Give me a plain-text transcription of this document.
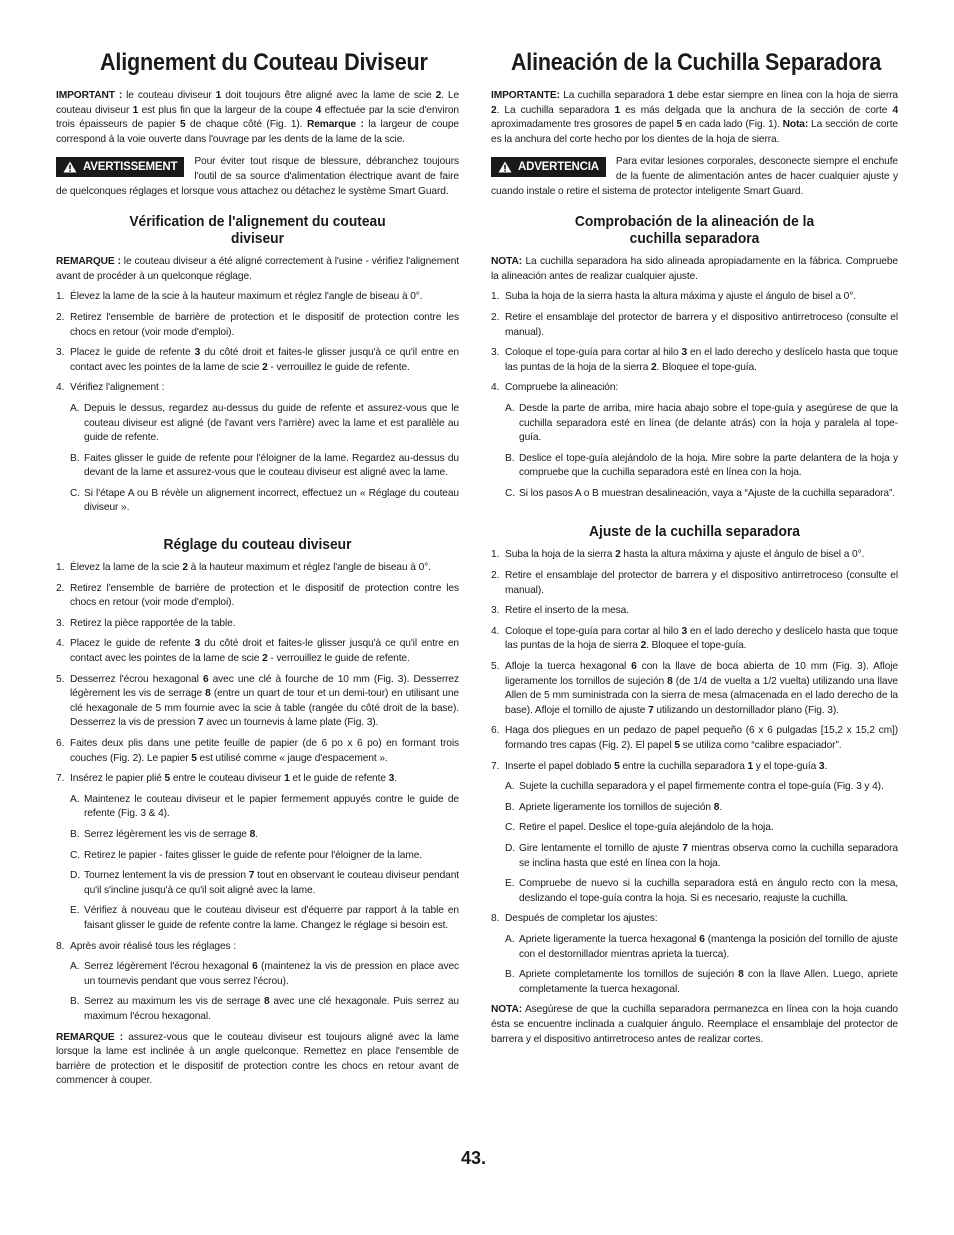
Alignement du Couteau Diviseur

IMPORTANT : le couteau diviseur 1 doit toujours être aligné avec la lame de scie 2. Le couteau diviseur 1 est plus fin que la largeur de la coupe 4 effectuée par la scie d'environ trois épaisseurs de papier 5 de chaque côté (Fig. 1). Remarque : la largeur de coupe correspond à la voie ouverte dans l'ouvrage par les dents de la lame de la scie.

AVERTISSEMENT Pour éviter tout risque de blessure, débranchez toujours l'outil de sa source d'alimentation électrique avant de faire de quelconques réglages et lorsque vous attachez ou détachez le système Smart Guard.
Vérification de l'alignement du couteau diviseur

REMARQUE : le couteau diviseur a été aligné correctement à l'usine - vérifiez l'alignement avant de procéder à un quelconque réglage.

1. Élevez la lame de la scie à la hauteur maximum et réglez l'angle de biseau à 0°.
2. Retirez l'ensemble de barrière de protection et le dispositif de protection contre les chocs en retour (voir mode d'emploi).
3. Placez le guide de refente 3 du côté droit et faites-le glisser jusqu'à ce qu'il entre en contact avec les pointes de la lame de scie 2 - verrouillez le guide de refente.
4. Vérifiez l'alignement :
A. Depuis le dessus, regardez au-dessus du guide de refente et assurez-vous que le couteau diviseur est aligné (de l'avant vers l'arrière) avec la lame et est parallèle au guide de refente.
B. Faites glisser le guide de refente pour l'éloigner de la lame. Regardez au-dessus du devant de la lame et assurez-vous que le couteau diviseur est aligné avec la lame.
C. Si l'étape A ou B révèle un alignement incorrect, effectuez un « Réglage du couteau diviseur ».
Réglage du couteau diviseur
1. Élevez la lame de la scie 2 à la hauteur maximum et réglez l'angle de biseau à 0°.
2. Retirez l'ensemble de barrière de protection et le dispositif de protection contre les chocs en retour (voir mode d'emploi).
3. Retirez la pièce rapportée de la table.
4. Placez le guide de refente 3 du côté droit et faites-le glisser jusqu'à ce qu'il entre en contact avec les pointes de la lame de scie 2 - verrouillez le guide de refente.
5. Desserrez l'écrou hexagonal 6 avec une clé à fourche de 10 mm (Fig. 3). Desserrez légèrement les vis de serrage 8 (entre un quart de tour et un demi-tour) en utilisant une clé hexagonale de 5 mm fournie avec la scie à table (rangée du côté droit de la base). Desserrez la vis de pression 7 avec un tournevis à lame plate (Fig. 3).
6. Faites deux plis dans une petite feuille de papier (de 6 po x 6 po) en formant trois couches (Fig. 2). Le papier 5 est utilisé comme « jauge d'espacement ».
7. Insérez le papier plié 5 entre le couteau diviseur 1 et le guide de refente 3.
A. Maintenez le couteau diviseur et le papier fermement appuyés contre le guide de refente (Fig. 3 & 4).
B. Serrez légèrement les vis de serrage 8.
C. Retirez le papier - faites glisser le guide de refente pour l'éloigner de la lame.
D. Tournez lentement la vis de pression 7 tout en observant le couteau diviseur pendant qu'il s'incline jusqu'à ce qu'il soit aligné avec la lame.
E. Vérifiez à nouveau que le couteau diviseur est d'équerre par rapport à la table en faisant glisser le guide de refente contre la lame. Changez le réglage si besoin est.
8. Après avoir réalisé tous les réglages :
A. Serrez légèrement l'écrou hexagonal 6 (maintenez la vis de pression en place avec un tournevis pendant que vous serrez l'écrou).
B. Serrez au maximum les vis de serrage 8 avec une clé hexagonale. Puis serrez au maximum l'écrou hexagonal.

REMARQUE : assurez-vous que le couteau diviseur est toujours aligné avec la lame lorsque la lame est inclinée à un angle quelconque. Remettez en place l'ensemble de barrière de protection et le dispositif de protection contre les chocs en retour avant de commencer à couper.

Alineación de la Cuchilla Separadora

IMPORTANTE: La cuchilla separadora 1 debe estar siempre en línea con la hoja de sierra 2. La cuchilla separadora 1 es más delgada que la anchura de la sección de corte 4 aproximadamente tres grosores de papel 5 en cada lado (Fig. 1). Nota: La sección de corte es la anchura del corte hecho por los dientes de la hoja de sierra.

ADVERTENCIA Para evitar lesiones corporales, desconecte siempre el enchufe de la fuente de alimentación antes de hacer cualquier ajuste y cuando instale o retire el sistema de protector inteligente Smart Guard.
Comprobación de la alineación de la cuchilla separadora

NOTA: La cuchilla separadora ha sido alineada apropiadamente en la fábrica. Compruebe la alineación antes de realizar cualquier ajuste.

1. Suba la hoja de la sierra hasta la altura máxima y ajuste el ángulo de bisel a 0°.
2. Retire el ensamblaje del protector de barrera y el dispositivo antirretroceso (consulte el manual).
3. Coloque el tope-guía para cortar al hilo 3 en el lado derecho y deslícelo hasta que toque las puntas de la hoja de la sierra 2. Bloquee el tope-guía.
4. Compruebe la alineación:
A. Desde la parte de arriba, mire hacia abajo sobre el tope-guía y asegúrese de que la cuchilla separadora esté en línea (de delante atrás) con la hoja y paralela al tope-guía.
B. Deslice el tope-guía alejándolo de la hoja. Mire sobre la parte delantera de la hoja y compruebe que la cuchilla separadora esté en línea con la hoja.
C. Si los pasos A o B muestran desalineación, vaya a “Ajuste de la cuchilla separadora”.
Ajuste de la cuchilla separadora
1. Suba la hoja de la sierra 2 hasta la altura máxima y ajuste el ángulo de bisel a 0°.
2. Retire el ensamblaje del protector de barrera y el dispositivo antirretroceso (consulte el manual).
3. Retire el inserto de la mesa.
4. Coloque el tope-guía para cortar al hilo 3 en el lado derecho y deslícelo hasta que toque las puntas de la hoja de sierra 2. Bloquee el tope-guía.
5. Afloje la tuerca hexagonal 6 con la llave de boca abierta de 10 mm (Fig. 3). Afloje ligeramente los tornillos de sujeción 8 (de 1/4 de vuelta a 1/2 vuelta) utilizando una llave Allen de 5 mm suministrada con la sierra de mesa (almacenada en el lado derecho de la base). Afloje el tornillo de ajuste 7 utilizando un destornillador plano (Fig. 3).
6. Haga dos pliegues en un pedazo de papel pequeño (6 x 6 pulgadas [15,2 x 15,2 cm]) formando tres capas (Fig. 2). El papel 5 se utiliza como “calibre espaciador”.
7. Inserte el papel doblado 5 entre la cuchilla separadora 1 y el tope-guía 3.
A. Sujete la cuchilla separadora y el papel firmemente contra el tope-guía (Fig. 3 y 4).
B. Apriete ligeramente los tornillos de sujeción 8.
C. Retire el papel. Deslice el tope-guía alejándolo de la hoja.
D. Gire lentamente el tornillo de ajuste 7 mientras observa como la cuchilla separadora se inclina hasta que esté en línea con la hoja.
E. Compruebe de nuevo si la cuchilla separadora está en ángulo recto con la mesa, deslizando el tope-guía contra la hoja. Si es necesario, reajuste la cuchilla.
8. Después de completar los ajustes:
A. Apriete ligeramente la tuerca hexagonal 6 (mantenga la posición del tornillo de ajuste con el destornillador mientras aprieta la tuerca).
B. Apriete completamente los tornillos de sujeción 8 con la llave Allen. Luego, apriete completamente la tuerca hexagonal.

NOTA: Asegúrese de que la cuchilla separadora permanezca en línea con la hoja cuando ésta se encuentre inclinada a cualquier ángulo. Reemplace el ensamblaje del protector de barrera y el dispositivo antirretroceso antes de realizar cortes.

43.
